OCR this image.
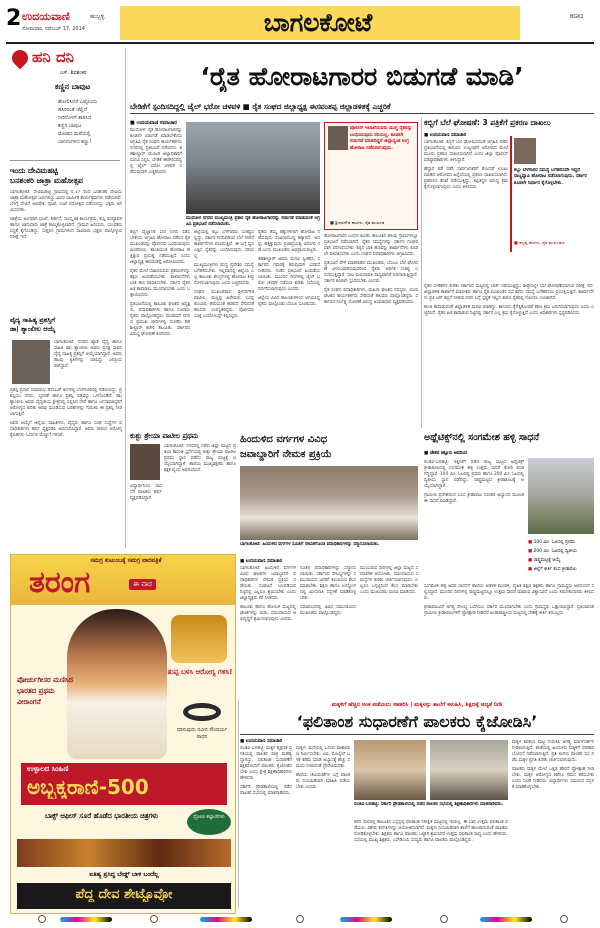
2 ಉದಯವಾಣಿ	ಹುಬ್ಬಳ್ಳಿ
ಸೋಮವಾರ, ನವೆಂಬರ್ 17, 2014	ಬಾಗಲಕೋಟೆ	BGK2
ಹನಿ ದನಿ
ಎಸ್. ಶಿವಶಂಕರ
ಕಣ್ಣಿನ ಬಾವುಟ
ಹೋಲಿಸಿದರೆ ಎಷ್ಟೊಂದು
ಹಸಿರಿನಂತೆ ಚೆಲ್ಲಿದೆ
ನೀರಿನೊಳಗೆ ತಾರಿಸಿದ
ಕಣ್ಣಿನ ಬಾವುಟ
ಮೋಡದ ಮರೆಯಲ್ಲಿ
ಬಾನಿನಂಗಳದ ಕಣ್ಣು!
ಇಂದು ದೇವಿಮಹಟ್ಟಿ
ಬನಶಂಕರಿ ಜಾತ್ರಾ ಮಹೋತ್ಸವ

ಬಾಗಲಕೋಟೆ: ದೇವಿಮಹಟ್ಟಿ ಗ್ರಾಮದಲ್ಲಿ ನ.17 ರಿಂದ ಬನಶಂಕರಿ ದೇವಿಯ ಜಾತ್ರಾ ಮಹೋತ್ಸವ ಜರುಗಲಿದ್ದು ವಿವಿಧ ಧಾರ್ಮಿಕ ಕಾರ್ಯಕ್ರಮಗಳು ನಡೆಯಲಿವೆ. ಬೆಳಗ್ಗೆ ದೇವಿಗೆ ಅಭಿಷೇಕ, ಪೂಜೆ, ಸಂಜೆ ರಥೋತ್ಸವ ನಡೆಯಲಿದ್ದು ಭಕ್ತರು ಆಗಮಿಸಬೇಕು.

ಜಾತ್ರೆಯ ಅಂಗವಾಗಿ ಭಜನೆ, ಕೀರ್ತನೆ, ಸಾಂಸ್ಕೃತಿಕ ಕಾರ್ಯಕ್ರಮ, ಕುಸ್ತಿ ಪಂದ್ಯಾವಳಿ ಹಾಗೂ ಜಾನುವಾರು ಜಾತ್ರೆ ಹಮ್ಮಿಕೊಳ್ಳಲಾಗಿದೆ. ಗ್ರಾಮದ ಹಿರಿಯರು, ಯುವಕರು ಸಿದ್ಧತೆ ಕೈಗೊಂಡಿದ್ದು, ಸುತ್ತಲಿನ ಗ್ರಾಮಗಳಿಂದ ಸಾವಿರಾರು ಭಕ್ತರು ಪಾಲ್ಗೊಳ್ಳುವ ನಿರೀಕ್ಷೆ ಇದೆ.

ವೈದ್ಯ ಸಾಹಿತ್ಯ ಪ್ರಶಸ್ತಿಗೆ
ಡಾ| ಶ್ಯಾಂಲೀಲ ಆಯ್ಕೆ

ಬಾಗಲಕೋಟೆ: ನಗರದ ಖ್ಯಾತ ವೈದ್ಯ ಹಾಗೂ ಸಾಹಿತಿ ಡಾ| ಶ್ಯಾಂಲೀಲ ಅವರು ಪ್ರಸಕ್ತ ಸಾಲಿನ ವೈದ್ಯ ಸಾಹಿತ್ಯ ಪ್ರಶಸ್ತಿಗೆ ಆಯ್ಕೆಯಾಗಿದ್ದಾರೆ. ಅವರು ಹಲವು ಕೃತಿಗಳನ್ನು ರಚಿಸಿದ್ದು ಜನಪ್ರಿಯರಾಗಿದ್ದಾರೆ.

ಪ್ರಶಸ್ತಿ ಪ್ರದಾನ ಸಮಾರಂಭ ಡಿಸೆಂಬರ್ ತಿಂಗಳಲ್ಲಿ ಬೆಂಗಳೂರಿನಲ್ಲಿ ನಡೆಯಲಿದ್ದು, ಪ್ರಶಸ್ತಿಯು ನಗದು, ಸ್ಮರಣಿಕೆ ಹಾಗೂ ಪ್ರಶಸ್ತಿ ಪತ್ರವನ್ನು ಒಳಗೊಂಡಿದೆ. ಡಾ| ಶ್ಯಾಂಲೀಲ ಅವರು ವೈದ್ಯಕೀಯ ಕ್ಷೇತ್ರದಲ್ಲಿ ಸಲ್ಲಿಸಿದ ಸೇವೆ ಹಾಗೂ ಜನಸಾಮಾನ್ಯರಿಗೆ ಆರೋಗ್ಯದ ಕುರಿತು ಅರಿವು ಮೂಡಿಸುವ ಬರಹಗಳನ್ನು ಗುರುತಿಸಿ ಈ ಪ್ರಶಸ್ತಿ ನೀಡಲಾಗುತ್ತಿದೆ.

ಅವರ ಆಯ್ಕೆಗೆ ಜಿಲ್ಲೆಯ ಸಾಹಿತಿಗಳು, ವೈದ್ಯರು ಹಾಗೂ ಸಂಘ ಸಂಸ್ಥೆಗಳ ಪದಾಧಿಕಾರಿಗಳು ಹರ್ಷ ವ್ಯಕ್ತಪಡಿಸಿ ಅಭಿನಂದಿಸಿದ್ದಾರೆ. ಅವರು ರಚಿಸಿದ ಆರೋಗ್ಯ ಕೈಪಿಡಿಗಳು ಓದುಗರ ಮೆಚ್ಚುಗೆ ಗಳಿಸಿವೆ.

‘ರೈತ ಹೋರಾಟಗಾರರ ಬಿಡುಗಡೆ ಮಾಡಿ’
ಬೇಡಿಕೆಗೆ ಸ್ಪಂದಿಸದಿದ್ದಲ್ಲಿ ಜೈಲ್ ಭರೋ ಚಳವಳಿ ■ ರೈತ ಸಂಘದ ಜಿಲ್ಲಾಧ್ಯಕ್ಷ ಈಸವಂತಪ್ಪ ಜಿಲ್ಲಾಡಳಿತಕ್ಕೆ ಎಚ್ಚರಿಕೆ
■ ಉದಯವಾಣಿ ಸಮಾಚಾರ

ಮುಧೋಳ: ರೈತ ಹೋರಾಟಗಾರರನ್ನು ಕೂಡಲೇ ಬಿಡುಗಡೆ ಮಾಡಬೇಕೆಂದು ಆಗ್ರಹಿಸಿ ರೈತ ಸಂಘದ ಕಾರ್ಯಕರ್ತರು ನಗರದಲ್ಲಿ ಪ್ರತಿಭಟನೆ ನಡೆಸಿದರು. ತಹಶೀಲ್ದಾರ್ ಮೂಲಕ ಜಿಲ್ಲಾಧಿಕಾರಿಗೆ ಮನವಿ ಸಲ್ಲಿಸಿ, ಬೇಡಿಕೆ ಈಡೇರಿಸದಿದ್ದಲ್ಲಿ ಜೈಲ್ ಭರೋ ಚಳವಳಿ ನಡೆಸುವುದಾಗಿ ಎಚ್ಚರಿಸಿದರು.

ಮುಧೋಳ ನಗರದ ಮುಖ್ಯಮಂತ್ರಿ ಪ್ರಕಾರ ರೈತ ಹೋರಾಟಗಾರರನ್ನು ಬಿಡುಗಡೆ ಮಾಡುವಂತೆ ಆಗ್ರಹಿಸಿ ಪ್ರತಿಭಟನೆ ನಡೆಸಲಾಯಿತು.

ಕಬ್ಬಿಗೆ ವೈಜ್ಞಾನಿಕ ಬೆಲೆ ನಿಗದಿ ಪಡಿಸಬೇಕೆಂದು ಆಗ್ರಹಿಸಿ ಹೋರಾಟ ನಡೆಸಿದ ರೈತ ಮುಖಂಡರನ್ನು ಪೊಲೀಸರು ಬಂಧಿಸಿರುವುದು ಖಂಡನೀಯ. ಶಾಂತಿಯುತ ಹೋರಾಟ ಹತ್ತಿಕ್ಕುವ ಪ್ರಯತ್ನ ನಡೆಯುತ್ತಿದೆ ಎಂದು ಜಿಲ್ಲಾಧ್ಯಕ್ಷ ಈಸವಂತಪ್ಪ ಆರೋಪಿಸಿದರು.

ರೈತರ ಮೇಲೆ ದಾಖಲಿಸಿರುವ ಪ್ರಕರಣಗಳನ್ನು ತಕ್ಷಣ ಹಿಂಪಡೆಯಬೇಕು. ಕಾರ್ಖಾನೆಗಳು ಬಾಕಿ ಹಣ ಪಾವತಿಸಬೇಕು. ಸರ್ಕಾರ ರೈತರ ಹಿತ ಕಾಪಾಡಲು ಮುಂದಾಗಬೇಕು ಎಂದು ಒತ್ತಾಯಿಸಿದರು.

ಪ್ರತಿಭಟನೆಯಲ್ಲಿ ತಾಲೂಕು ಘಟಕದ ಅಧ್ಯಕ್ಷರು, ಪದಾಧಿಕಾರಿಗಳು ಹಾಗೂ ನೂರಾರು ರೈತರು ಪಾಲ್ಗೊಂಡಿದ್ದರು. ಮೆರವಣಿಗೆ ನಗರದ ಪ್ರಮುಖ ಬೀದಿಗಳಲ್ಲಿ ಸಂಚರಿಸಿ ತಹಶೀಲ್ದಾರ್ ಕಚೇರಿ ತಲುಪಿತು. ಸರ್ಕಾರದ ವಿರುದ್ಧ ಘೋಷಣೆ ಕೂಗಿದರು.

ಜಿಲ್ಲೆಯಲ್ಲಿ ಕಬ್ಬು ಬೆಳೆಗಾರರು ಸಂಕಷ್ಟದಲ್ಲಿದ್ದು, ಸರ್ಕಾರ ನಿಗದಿಪಡಿಸಿದ ಬೆಲೆ ನೀಡದೆ ಕಾರ್ಖಾನೆಗಳು ವಂಚಿಸುತ್ತಿವೆ. ಈ ಬಗ್ಗೆ ಧ್ವನಿ ಎತ್ತಿದ ರೈತರನ್ನು ಬಂಧಿಸಿರುವುದು ಸರಿಯಲ್ಲ.

ಮುಖ್ಯಮಂತ್ರಿಗಳು ಮಧ್ಯ ಪ್ರವೇಶಿಸಿ ಸಮಸ್ಯೆ ಬಗೆಹರಿಸಬೇಕು. ಇಲ್ಲವಾದಲ್ಲಿ ಜಿಲ್ಲೆಯ ಎಲ್ಲ ತಾಲೂಕು ಕೇಂದ್ರಗಳಲ್ಲಿ ಹೋರಾಟ ತೀವ್ರಗೊಳಿಸಲಾಗುವುದು ಎಂದು ಎಚ್ಚರಿಸಿದರು.

ಸಂಘದ ಮುಖಂಡರಾದ ಶ್ರೀಧರಗೌಡ ಪಾಟೀಲ, ಮಲ್ಲಪ್ಪ ಹಿರೇಮಠ, ಬಸಪ್ಪ ಕುಂಬಾರ, ಹನುಮಂತ ಹಡಪದ ಸೇರಿದಂತೆ ಹಲವರು ಉಪಸ್ಥಿತರಿದ್ದರು. ಪೊಲೀಸರು ಸೂಕ್ತ ಬಂದೋಬಸ್ತ್ ಕಲ್ಪಿಸಿದ್ದರು.

ರೈತರು ತಮ್ಮ ಹಕ್ಕುಗಳಿಗಾಗಿ ಹೋರಾಟ ನಡೆಸುವುದು ಸಂವಿಧಾನಬದ್ಧ ಹಕ್ಕಾಗಿದೆ. ಅದನ್ನು ಹತ್ತಿಕ್ಕುವುದು ಪ್ರಜಾಪ್ರಭುತ್ವ ವಿರೋಧಿ ನಡೆ ಎಂದು ಮುಖಂಡರು ಅಭಿಪ್ರಾಯಪಟ್ಟರು.

ತಹಶೀಲ್ದಾರ್ ಅವರು ಮನವಿ ಸ್ವೀಕರಿಸಿ, ಸರ್ಕಾರದ ಗಮನಕ್ಕೆ ತರುವುದಾಗಿ ಭರವಸೆ ನೀಡಿದರು. ನಂತರ ಪ್ರತಿಭಟನೆ ಹಿಂಪಡೆಯಲಾಯಿತು. ಮುಂದಿನ ದಿನಗಳಲ್ಲಿ ಜೈಲ್ ಭರೋ ಚಳವಳಿ ನಡೆಸುವ ಕುರಿತು ಸಭೆಯಲ್ಲಿ ನಿರ್ಧರಿಸಲಾಗುವುದು ಎಂದರು.

ಜಿಲ್ಲೆಯ ವಿವಿಧ ತಾಲೂಕುಗಳಿಂದ ಆಗಮಿಸಿದ್ದ ರೈತರು ಪಾಲ್ಗೊಂಡು ಬೆಂಬಲ ಸೂಚಿಸಿದರು.

ಪೊಲೀಸ್ ಇಲಾಖೆಯವರು ಮುಗ್ಧ ರೈತರನ್ನು ಬಂಧಿಸಿರುವುದು ಸರಿಯಲ್ಲ. ಕೂಡಲೇ ಬಿಡುಗಡೆ ಮಾಡದಿದ್ದರೆ ಜಿಲ್ಲಾದ್ಯಂತ ಉಗ್ರ ಹೋರಾಟ ನಡೆಸಲಾಗುವುದು.
■ ಶ್ರೀಧರಗೌಡ ಪಾಟೀಲ, ರೈತ ಮುಖಂಡ

ಹೋರಾಟಗಾರರ ಬಂಧನ ಖಂಡಿಸಿ ತಾಲೂಕಿನ ಹಲವು ಗ್ರಾಮಗಳಲ್ಲೂ ಪ್ರತಿಭಟನೆ ನಡೆಸಲಾಗಿದೆ. ರೈತರ ಸಮಸ್ಯೆಗಳನ್ನು ಸರ್ಕಾರ ಗಂಭೀರವಾಗಿ ಪರಿಗಣಿಸಬೇಕು. ಕಬ್ಬಿನ ಬಾಕಿ ಹಣವನ್ನು ಕಾರ್ಖಾನೆಗಳು ಕೂಡಲೇ ಪಾವತಿಸಬೇಕು ಎಂದು ಸಂಘದ ಪದಾಧಿಕಾರಿಗಳು ಆಗ್ರಹಿಸಿದರು.

ಪ್ರತಿಭಟನೆ ವೇಳೆ ಮಾತನಾಡಿದ ಮುಖಂಡರು, ಬೆಂಬಲ ಬೆಲೆ ಘೋಷಣೆ ವಿಳಂಬವಾಗಿರುವುದರಿಂದ ರೈತರು ಆರ್ಥಿಕ ಸಂಕಷ್ಟ ಎದುರಿಸುತ್ತಿದ್ದಾರೆ. ಸಾಲ ಮರುಪಾವತಿ ಸಾಧ್ಯವಾಗದೆ ಪರದಾಡುತ್ತಿದ್ದಾರೆ. ಸರ್ಕಾರ ಕೂಡಲೇ ಸ್ಪಂದಿಸಬೇಕು ಎಂದರು.

ರೈತ ಸಂಘದ ಪದಾಧಿಕಾರಿಗಳು, ಮಹಿಳಾ ಘಟಕದ ಸದಸ್ಯರು, ಯುವ ಘಟಕದ ಕಾರ್ಯಕರ್ತರು ಸೇರಿದಂತೆ ಹಲವರು ಪಾಲ್ಗೊಂಡಿದ್ದರು. ಸರ್ಕಾರದ ನಿರ್ಲಕ್ಷ್ಯ ಧೋರಣೆ ವಿರುದ್ಧ ಅಸಮಾಧಾನ ವ್ಯಕ್ತಪಡಿಸಿದರು.

ಕಬ್ಬಿಗೆ ಬೆಲೆ ಘೋಷಣೆ: 3 ಪತ್ರಿಕೆಗೆ ಪ್ರಕರಣ ದಾಖಲು
■ ಉದಯವಾಣಿ ಸಮಾಚಾರ

ಬಾಗಲಕೋಟೆ: ಕಬ್ಬಿಗೆ ಬೆಲೆ ಘೋಷಿಸುವಂತೆ ಆಗ್ರಹಿಸಿ ನಡೆದ ಪ್ರತಿಭಟನೆಯಲ್ಲಿ ಕಾನೂನು ಉಲ್ಲಂಘನೆ ಆರೋಪದ ಮೇಲೆ ಮೂರು ಪ್ರಕರಣ ದಾಖಲಿಸಲಾಗಿದೆ ಎಂದು ಜಿಲ್ಲಾ ಪೊಲೀಸ್ ವರಿಷ್ಠಾಧಿಕಾರಿಗಳು ತಿಳಿಸಿದ್ದಾರೆ.

ಹೆದ್ದಾರಿ ತಡೆ ನಡೆಸಿ ಸಾರ್ವಜನಿಕರಿಗೆ ತೊಂದರೆ ಉಂಟು ಮಾಡಿದ ಆರೋಪದ ಹಿನ್ನೆಲೆಯಲ್ಲಿ ಪ್ರಕರಣ ದಾಖಲಿಸಲಾಗಿದೆ. ಪ್ರಕರಣದ ತನಿಖೆ ನಡೆಯುತ್ತಿದ್ದು, ತಪ್ಪಿತಸ್ಥರ ವಿರುದ್ಧ ಕ್ರಮ ಕೈಗೊಳ್ಳಲಾಗುವುದು ಎಂದು ತಿಳಿಸಿದರು.

ಕಬ್ಬು ಬೆಳೆಗಾರರ ಸಮಸ್ಯೆ ಬಗೆಹರಿಸದೇ ಇದ್ದರೆ ರಾಜ್ಯವ್ಯಾಪಿ ಹೋರಾಟ ನಡೆಸಲಾಗುವುದು. ಸರ್ಕಾರ ಕೂಡಲೇ ನಿರ್ಧಾರ ಕೈಗೊಳ್ಳಬೇಕು.
■ ಕಲ್ಲಪ್ಪ ಪಾಟೀಲ, ರೈತ ಮುಖಂಡರು

ರೈತರ ಬೇಡಿಕೆಗಳ ಕುರಿತು ಸರ್ಕಾರದ ಮಟ್ಟದಲ್ಲಿ ಚರ್ಚೆ ನಡೆಯುತ್ತಿದ್ದು, ಶೀಘ್ರದಲ್ಲೇ ಬೆಲೆ ಘೋಷಣೆಯಾಗುವ ನಿರೀಕ್ಷೆ ಇದೆ. ಜಿಲ್ಲಾಡಳಿತ ಕಾರ್ಖಾನೆ ಮಾಲೀಕರು ಹಾಗೂ ರೈತ ಮುಖಂಡರ ಸಭೆ ಕರೆದು ಸಮಸ್ಯೆ ಬಗೆಹರಿಸಲು ಪ್ರಯತ್ನಿಸುತ್ತಿದೆ. ಕಾರ್ಖಾನೆಗಳು ಪ್ರತಿ ಟನ್ ಕಬ್ಬಿಗೆ ನೀಡುವ ದರದ ಬಗ್ಗೆ ಸ್ಪಷ್ಟತೆ ಇಲ್ಲದ ಕಾರಣ ರೈತರಲ್ಲಿ ಗೊಂದಲ ಉಂಟಾಗಿದೆ.

ಶಾಂತಿ ಕಾಪಾಡುವಂತೆ ಜಿಲ್ಲಾಡಳಿತ ಮನವಿ ಮಾಡಿದ್ದು, ಕಾನೂನು ಕೈಗೆತ್ತಿಕೊಂಡರೆ ಕಠಿಣ ಕ್ರಮ ಜರುಗಿಸಲಾಗುವುದು ಎಂದು ಎಚ್ಚರಿಸಿದೆ. ರೈತರ ಹಿತ ಕಾಪಾಡುವ ನಿಟ್ಟಿನಲ್ಲಿ ಸರ್ಕಾರ ಎಲ್ಲ ಕ್ರಮ ಕೈಗೊಳ್ಳುತ್ತಿದೆ ಎಂದು ಅಧಿಕಾರಿಗಳು ಸ್ಪಷ್ಟಪಡಿಸಿದರು.

ಕುಶ್ಬು ಶ್ರೇಯಾ ಪಾಟೀಲ ಪ್ರಥಮ

ಬಾಗಲಕೋಟೆ: ನಗರದಲ್ಲಿ ನಡೆದ ಜಿಲ್ಲಾ ಮಟ್ಟದ ಪ್ರತಿಭಾ ಕಾರಂಜಿ ಸ್ಪರ್ಧೆಯಲ್ಲಿ ಕುಶ್ಬು ಶ್ರೇಯಾ ಪಾಟೀಲ ಪ್ರಥಮ ಸ್ಥಾನ ಪಡೆದು ರಾಜ್ಯ ಮಟ್ಟಕ್ಕೆ ಆಯ್ಕೆಯಾಗಿದ್ದಾಳೆ. ಶಾಲೆಯ ಮುಖ್ಯಶಿಕ್ಷಕರು ಹಾಗೂ ಶಿಕ್ಷಕ ವೃಂದ ಅಭಿನಂದಿಸಿದೆ.

ವಿದ್ಯಾರ್ಥಿನಿಯ ಸಾಧನೆಗೆ ಪಾಲಕರು ಹರ್ಷ ವ್ಯಕ್ತಪಡಿಸಿದ್ದಾರೆ.

ಹಿಂದುಳಿದ ವರ್ಗಗಳ ವಿವಿಧ
ಜವಾಬ್ದಾರಿಗೆ ನೇಮಕ ಪ್ರಕ್ರಿಯೆ
ಬಾಗಲಕೋಟೆ: ಹಿಂದುಳಿದ ವರ್ಗಗಳ ಸಮಿತಿಗೆ ನೇಮಕಗೊಂಡ ಪದಾಧಿಕಾರಿಗಳನ್ನು ಸನ್ಮಾನಿಸಲಾಯಿತು.
■ ಉದಯವಾಣಿ ಸಮಾಚಾರ

ಬಾಗಲಕೋಟೆ: ಹಿಂದುಳಿದ ವರ್ಗಗಳ ವಿವಿಧ ಘಟಕಗಳ ಜವಾಬ್ದಾರಿಗೆ ಪದಾಧಿಕಾರಿಗಳ ನೇಮಕ ಪ್ರಕ್ರಿಯೆ ನಡೆಯಿತು. ಸಂಘಟನೆ ಬಲಪಡಿಸುವ ನಿಟ್ಟಿನಲ್ಲಿ ಎಲ್ಲರೂ ಶ್ರಮಿಸಬೇಕು ಎಂದು ಜಿಲ್ಲಾಧ್ಯಕ್ಷರು ಕರೆ ನೀಡಿದರು.

ತಾಲೂಕು ಹಾಗೂ ಹೋಬಳಿ ಮಟ್ಟದಲ್ಲಿ ಘಟಕಗಳನ್ನು ರಚಿಸಿ, ಸಮುದಾಯದ ಅಭಿವೃದ್ಧಿಗೆ ಶ್ರಮಿಸಲಾಗುವುದು ಎಂದರು.

ನೂತನ ಪದಾಧಿಕಾರಿಗಳನ್ನು ಸನ್ಮಾನಿಸಲಾಯಿತು. ಸರ್ಕಾರದ ಸೌಲಭ್ಯಗಳನ್ನು ಸಮುದಾಯದ ಜನರಿಗೆ ತಲುಪಿಸುವ ಕೆಲಸ ಮಾಡಬೇಕು. ಶಿಕ್ಷಣ ಹಾಗೂ ಉದ್ಯೋಗದಲ್ಲಿ ಮೀಸಲಾತಿ ಸದ್ಬಳಕೆ ಮಾಡಿಕೊಳ್ಳಬೇಕು.

ಸಮಾರಂಭದಲ್ಲಿ ವಿವಿಧ ಸಮುದಾಯದ ಮುಖಂಡರು ಪಾಲ್ಗೊಂಡಿದ್ದರು.

ಮುಂಬರುವ ದಿನಗಳಲ್ಲಿ ಜಿಲ್ಲಾ ಮಟ್ಟದ ಸಮಾವೇಶ ಆಯೋಜಿಸಿ, ಸಮುದಾಯದ ಸಮಸ್ಯೆಗಳ ಕುರಿತು ಚರ್ಚಿಸಲಾಗುವುದು. ಎಲ್ಲರೂ ಒಗ್ಗಟ್ಟಿನಿಂದ ಕೆಲಸ ಮಾಡಬೇಕು ಎಂದು ಮುಖಂಡರು ಮನವಿ ಮಾಡಿದರು.

ಅಥ್ಲೆಟಿಕ್ಸ್‌ನಲ್ಲಿ ಸಂಗಮೇಶ ಹಳ್ಳಿ ಸಾಧನೆ
■ ಚೇತನ ಕಿತ್ತೂರು ಅವರಿಂದ

ರಬಕವಿ-ಬನಹಟ್ಟಿ: ಇತ್ತೀಚೆಗೆ ನಡೆದ ರಾಜ್ಯ ಮಟ್ಟದ ಅಥ್ಲೆಟಿಕ್ಸ್ ಕ್ರೀಡಾಕೂಟದಲ್ಲಿ ಸಂಗಮೇಶ ಹಳ್ಳಿ ಉತ್ತಮ ಸಾಧನೆ ತೋರಿ ಪದಕ ಗೆದ್ದಿದ್ದಾರೆ. 100 ಮೀ. ಓಟದಲ್ಲಿ ಪ್ರಥಮ ಹಾಗೂ 200 ಮೀ. ಓಟದಲ್ಲಿ ದ್ವಿತೀಯ ಸ್ಥಾನ ಪಡೆದಿದ್ದು, ರಾಷ್ಟ್ರಮಟ್ಟದ ಕ್ರೀಡಾಕೂಟಕ್ಕೆ ಆಯ್ಕೆಯಾಗಿದ್ದಾರೆ.

ಗ್ರಾಮೀಣ ಪ್ರದೇಶದಿಂದ ಬಂದ ಕ್ರೀಡಾಪಟು ನಿರಂತರ ಅಭ್ಯಾಸದ ಮೂಲಕ ಈ ಸಾಧನೆ ಮಾಡಿದ್ದಾರೆ.

■ 100 ಮೀ. ಓಟದಲ್ಲಿ ಪ್ರಥಮ
■ 200 ಮೀ. ಓಟದಲ್ಲಿ ದ್ವಿತೀಯ
■ ರಾಷ್ಟ್ರಮಟ್ಟಕ್ಕೆ ಆಯ್ಕೆ
■ ಜಿಲ್ಲೆಗೆ ಕೀರ್ತಿ ತಂದ ಕ್ರೀಡಾಪಟು

ಸಂಗಮೇಶ ಹಳ್ಳಿ ಅವರ ಸಾಧನೆಗೆ ಶಾಲೆಯ ಆಡಳಿತ ಮಂಡಳಿ, ದೈಹಿಕ ಶಿಕ್ಷಣ ಶಿಕ್ಷಕರು ಹಾಗೂ ಗ್ರಾಮಸ್ಥರು ಅಭಿನಂದನೆ ಸಲ್ಲಿಸಿದ್ದಾರೆ. ಮುಂದಿನ ದಿನಗಳಲ್ಲಿ ರಾಷ್ಟ್ರಮಟ್ಟದಲ್ಲೂ ಉತ್ತಮ ಸಾಧನೆ ಮಾಡುವ ವಿಶ್ವಾಸವಿದೆ ಎಂದು ತರಬೇತುದಾರರು ತಿಳಿಸಿದರು.

ಕ್ರೀಡಾಪಟುವಿಗೆ ಅಗತ್ಯ ಸೌಲಭ್ಯ ಒದಗಿಸಲು ಸರ್ಕಾರ ಮುಂದಾಗಬೇಕು ಎಂದು ಗ್ರಾಮಸ್ಥರು ಒತ್ತಾಯಿಸಿದ್ದಾರೆ. ಪ್ರತಿಭಾವಂತ ಗ್ರಾಮೀಣ ಕ್ರೀಡಾಪಟುಗಳಿಗೆ ಪ್ರೋತ್ಸಾಹ ನೀಡಿದರೆ ಅಂತಾರಾಷ್ಟ್ರೀಯ ಮಟ್ಟದಲ್ಲಿ ದೇಶಕ್ಕೆ ಕೀರ್ತಿ ತರಬಲ್ಲರು.

ಸಮಗ್ರ ಕುಟುಂಬಕ್ಕೆ ಸಮಗ್ರ ವಾರಪತ್ರಿಕೆ
ತರಂಗ	ಈ ವಾರ
ಪೋರ್ಚುಗೀಸರ ಮಣಿಸಿದ ಭಾರತದ ಪ್ರಥಮ ವೀರಾಂಗನೆ
ತುಪ್ಪ ಬಳಸಿ ಆರೋಗ್ಯ ಗಳಿಸಿ!
ಧರಿಸುವುದು ನವೀನ ಸೌಂದರ್ಯ ಸಾಧನ
ಉಳ್ಳಾಲದ ಸಿಂಹಿಣಿ
ಅಬ್ಬಕ್ಕರಾಣಿ-500
ಬಾಕ್ಸ್ ಆಫೀಸ್ ಸೂರೆ ಹೊಡೆದ ಭಾರತೀಯ ಚಿತ್ರಗಳು	ದ್ರೋಣ ಕಲ್ಲಾಣಿಗಳು
ಐತಿಹ್ಯ ಪ್ರಸಿದ್ಧ ಬೇಡ್ಡ್ ಬಾಳಿ ಬಂದೆಲ್ಲ
ಪೆದ್ದ ದೇವ ಶೇಟ್ಟೊವ್ರೋ
ಮಕ್ಕಳಿಗೆ ಹೆಚ್ಚಿನ ಅಂಕ ಪಡೆಯಲು ಸಹಕರಿಸಿ | ಮಕ್ಕಳನ್ನು ಶಾಲೆಗೆ ಕಳುಹಿಸಿ, ಶಿಕ್ಷಣಕ್ಕೆ ಆದ್ಯತೆ ನೀಡಿ
‘ಫಲಿತಾಂಶ ಸುಧಾರಣೆಗೆ ಪಾಲಕರು ಕೈಜೋಡಿಸಿ’
■ ಉದಯವಾಣಿ ಸಮಾಚಾರ

ರಬಕವಿ-ಬನಹಟ್ಟಿ: ಮಕ್ಕಳ ಶೈಕ್ಷಣಿಕ ಪ್ರಗತಿಯಲ್ಲಿ ಪಾಲಕರ ಪಾತ್ರ ಮಹತ್ವದ್ದಾಗಿದ್ದು, ಫಲಿತಾಂಶ ಸುಧಾರಣೆಗೆ ಶಿಕ್ಷಕರೊಂದಿಗೆ ಪಾಲಕರು ಕೈಜೋಡಿಸಬೇಕು ಎಂದು ಕ್ಷೇತ್ರ ಶಿಕ್ಷಣಾಧಿಕಾರಿಗಳು ಹೇಳಿದರು.

ಸರ್ಕಾರಿ ಪ್ರೌಢಶಾಲೆಯಲ್ಲಿ ನಡೆದ ಪಾಲಕರ ಸಭೆಯಲ್ಲಿ ಮಾತನಾಡಿದರು.

ಮಕ್ಕಳು ಮನೆಯಲ್ಲಿ ಓದುವ ವಾತಾವರಣ ನಿರ್ಮಿಸಬೇಕು. ಟಿವಿ, ಮೊಬೈಲ್ ಬಳಕೆ ಕಡಿಮೆ ಮಾಡಿ ಅಭ್ಯಾಸಕ್ಕೆ ಹೆಚ್ಚು ಸಮಯ ನೀಡುವಂತೆ ಪ್ರೇರೇಪಿಸಬೇಕು.

ಶಾಲೆಯ ಚಟುವಟಿಕೆಗಳ ಬಗ್ಗೆ ಪಾಲಕರು ನಿಯಮಿತವಾಗಿ ಮಾಹಿತಿ ಪಡೆಯಬೇಕು ಎಂದರು.

ರಬಕವಿ-ಬನಹಟ್ಟಿ: ಸರ್ಕಾರಿ ಪ್ರೌಢಶಾಲೆಯಲ್ಲಿ ನಡೆದ ಪಾಲಕರ ಸಭೆಯಲ್ಲಿ ಶಿಕ್ಷಣಾಧಿಕಾರಿಗಳು ಮಾತನಾಡಿದರು.

ಕಳೆದ ಸಾಲಿನಲ್ಲಿ ತಾಲೂಕಿನ ಎಸ್ಸೆಸ್ಸೆಲ್ಸಿ ಫಲಿತಾಂಶ ನಿರೀಕ್ಷಿತ ಮಟ್ಟದಲ್ಲಿ ಇರಲಿಲ್ಲ. ಈ ಬಾರಿ ಉತ್ತಮ ಫಲಿತಾಂಶ ಪಡೆಯಲು ವಿಶೇಷ ತರಗತಿಗಳನ್ನು ಆಯೋಜಿಸಲಾಗಿದೆ. ಮಕ್ಕಳು ನಿಯಮಿತವಾಗಿ ಶಾಲೆಗೆ ಹಾಜರಾಗುವಂತೆ ಪಾಲಕರು ನೋಡಿಕೊಳ್ಳಬೇಕು. ಶಿಕ್ಷಕರು ಹಾಗೂ ಪಾಲಕರು ಒಟ್ಟಾಗಿ ಶ್ರಮಿಸಿದರೆ ಉತ್ತಮ ಫಲಿತಾಂಶ ಸಾಧ್ಯ ಎಂದು ಹೇಳಿದರು. ಸಭೆಯಲ್ಲಿ ಮುಖ್ಯ ಶಿಕ್ಷಕರು, ಎಸ್‌ಡಿಎಂಸಿ ಸದಸ್ಯರು ಹಾಗೂ ಪಾಲಕರು ಪಾಲ್ಗೊಂಡಿದ್ದರು.

ಮಕ್ಕಳ ಕಲಿಕೆಯ ಮಟ್ಟ ಗುರುತಿಸಿ ಅಗತ್ಯ ಮಾರ್ಗದರ್ಶನ ನೀಡಲಾಗುತ್ತಿದೆ. ಕಲಿಕೆಯಲ್ಲಿ ಹಿಂದುಳಿದ ಮಕ್ಕಳಿಗೆ ಪರಿಹಾರ ಬೋಧನೆ ನಡೆಸಲಾಗುತ್ತಿದೆ. ಪ್ರತಿ ತಿಂಗಳು ಪಾಲಕರ ಸಭೆ ನಡೆಸಿ ಮಕ್ಕಳ ಪ್ರಗತಿ ಕುರಿತು ಚರ್ಚಿಸಲಾಗುವುದು.

ಪಾಲಕರು ಮಕ್ಕಳ ಮೇಲೆ ಒತ್ತಡ ಹೇರದೆ ಪ್ರೋತ್ಸಾಹ ನೀಡಬೇಕು. ಮಕ್ಕಳ ಆರೋಗ್ಯದ ಕಡೆಗೂ ಗಮನ ಹರಿಸಬೇಕು ಎಂದು ಸಲಹೆ ನೀಡಿದರು. ವಿದ್ಯಾರ್ಥಿಗಳು ಸಮಯದ ಸದ್ಬಳಕೆ ಮಾಡಿಕೊಳ್ಳಬೇಕು.
